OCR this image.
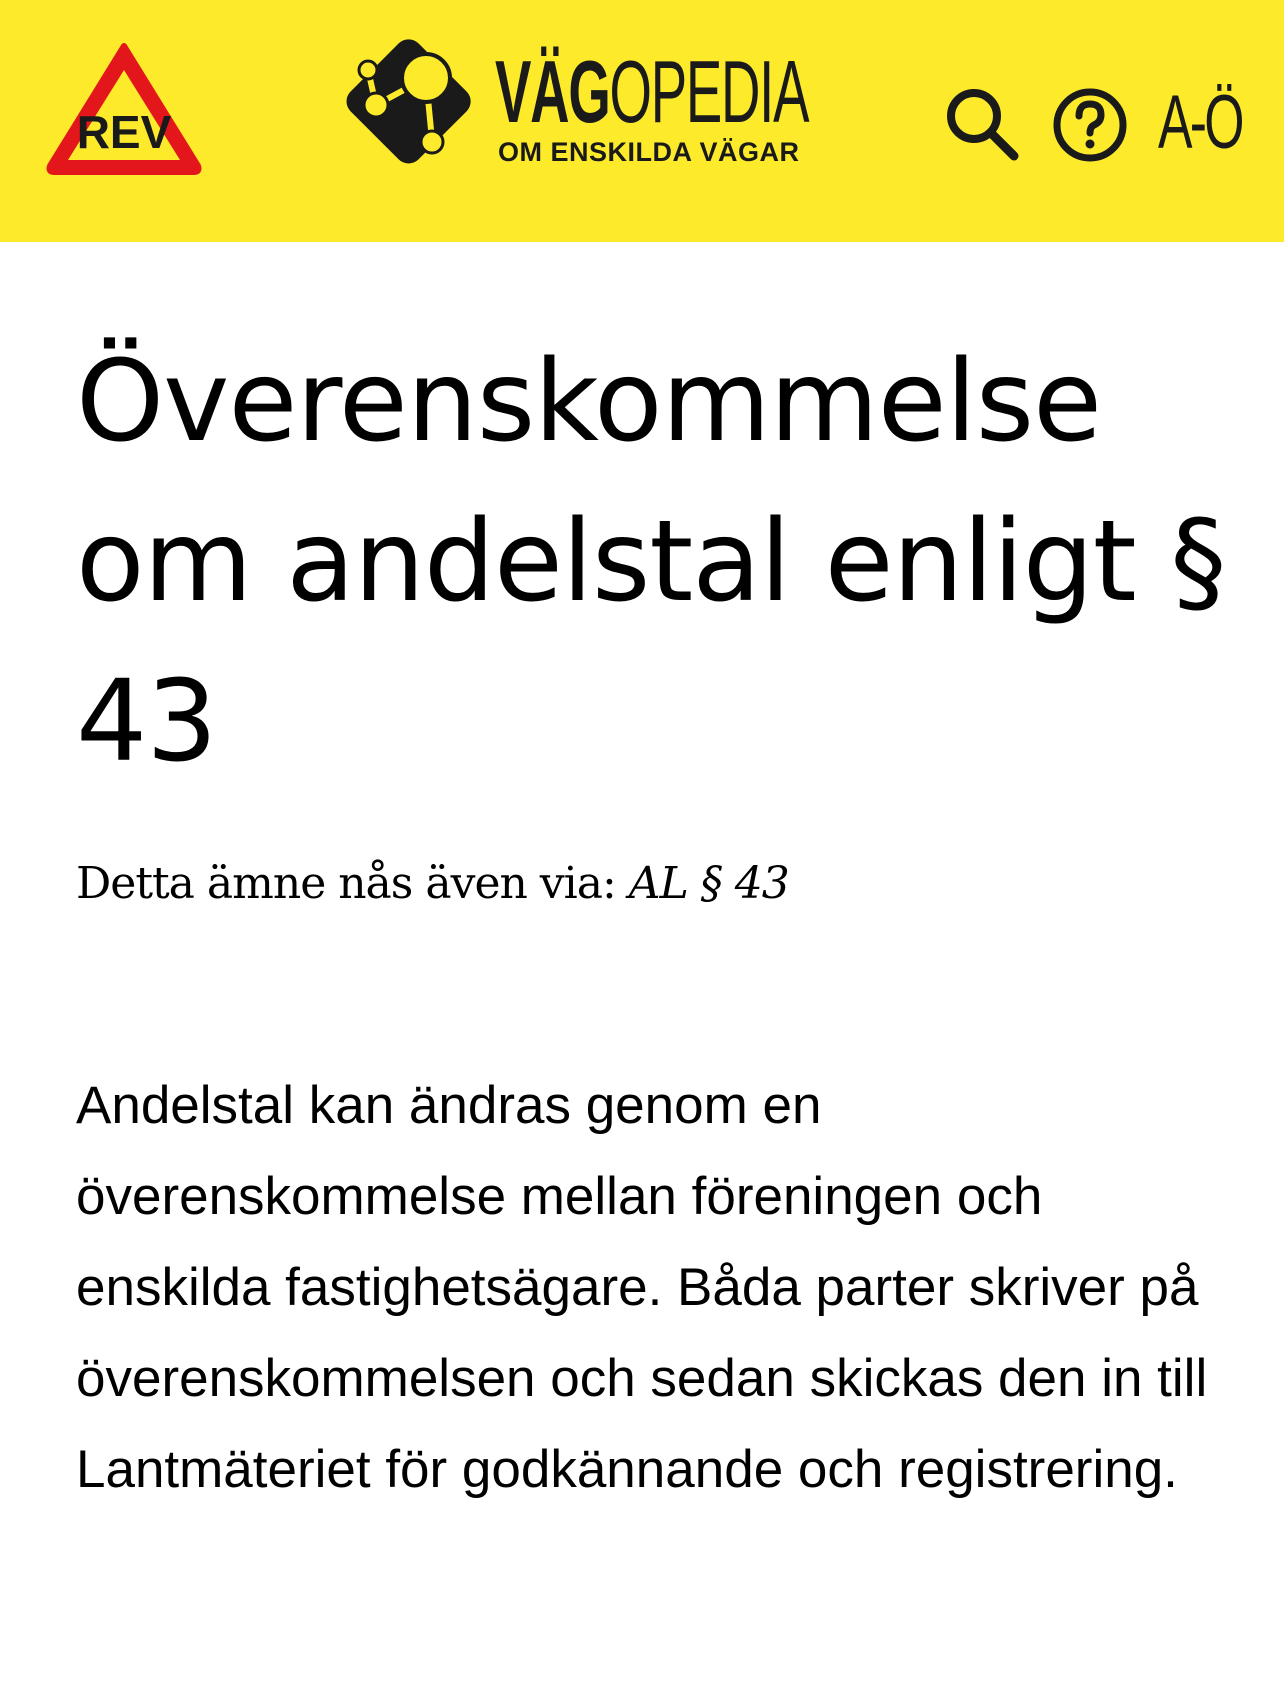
REV	VÄGOPEDIA
OM ENSKILDA VÄGAR	A-Ö
Överenskommelse om andelstal enligt § 43
Detta ämne nås även via: AL § 43

Andelstal kan ändras genom en överenskommelse mellan föreningen och enskilda fastighetsägare. Båda parter skriver på överenskommelsen och sedan skickas den in till Lantmäteriet för godkännande och registrering.
